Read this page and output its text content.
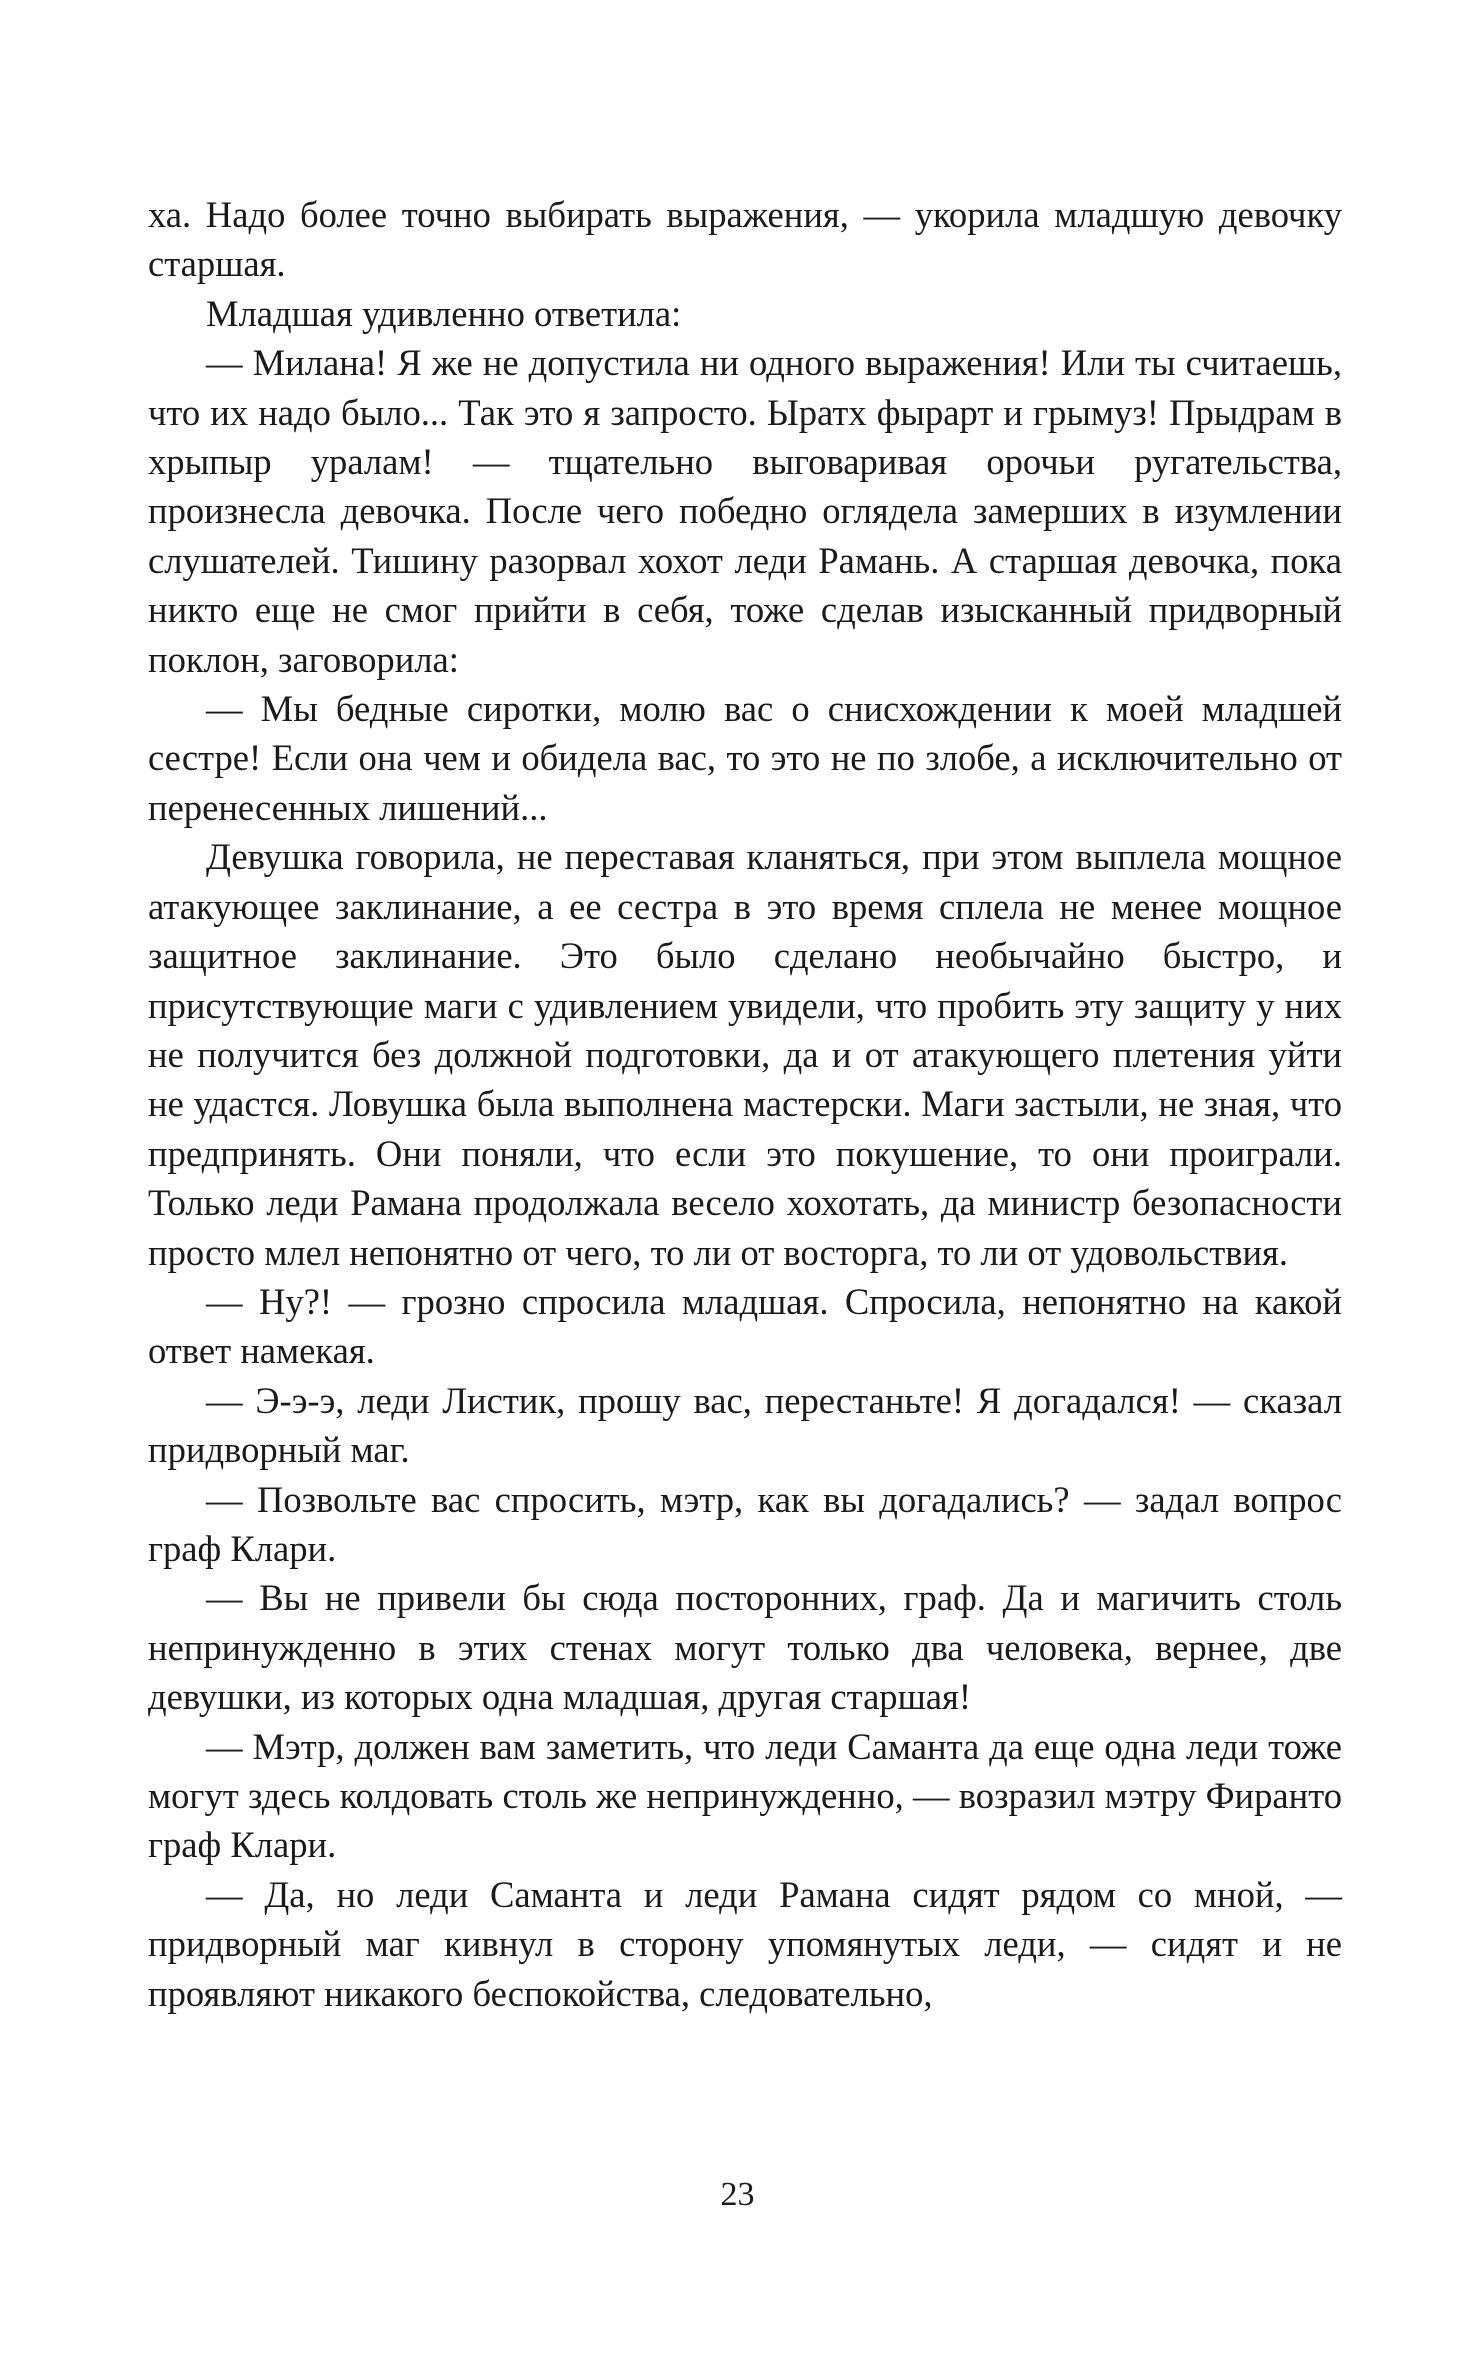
ха. Надо более точно выбирать выражения, — укорила младшую девочку старшая.

Младшая удивленно ответила:

— Милана! Я же не допустила ни одного выражения! Или ты считаешь, что их надо было... Так это я запросто. Ыратх фырарт и грымуз! Прыдрам в хрыпыр уралам! — тщательно выговаривая орочьи ругательства, произнесла девочка. После чего победно оглядела замерших в изумлении слушателей. Тишину разорвал хохот леди Рамань. А старшая девочка, пока никто еще не смог прийти в себя, тоже сделав изысканный придворный поклон, заговорила:

— Мы бедные сиротки, молю вас о снисхождении к моей младшей сестре! Если она чем и обидела вас, то это не по злобе, а исключительно от перенесенных лишений...

Девушка говорила, не переставая кланяться, при этом выплела мощное атакующее заклинание, а ее сестра в это время сплела не менее мощное защитное заклинание. Это было сделано необычайно быстро, и присутствующие маги с удивлением увидели, что пробить эту защиту у них не получится без должной подготовки, да и от атакующего плетения уйти не удастся. Ловушка была выполнена мастерски. Маги застыли, не зная, что предпринять. Они поняли, что если это покушение, то они проиграли. Только леди Рамана продолжала весело хохотать, да министр безопасности просто млел непонятно от чего, то ли от восторга, то ли от удовольствия.

— Ну?! — грозно спросила младшая. Спросила, непонятно на какой ответ намекая.

— Э-э-э, леди Листик, прошу вас, перестаньте! Я догадался! — сказал придворный маг.

— Позвольте вас спросить, мэтр, как вы догадались? — задал вопрос граф Клари.

— Вы не привели бы сюда посторонних, граф. Да и магичить столь непринужденно в этих стенах могут только два человека, вернее, две девушки, из которых одна младшая, другая старшая!

— Мэтр, должен вам заметить, что леди Саманта да еще одна леди тоже могут здесь колдовать столь же непринужденно, — возразил мэтру Фиранто граф Клари.

— Да, но леди Саманта и леди Рамана сидят рядом со мной, — придворный маг кивнул в сторону упомянутых леди, — сидят и не проявляют никакого беспокойства, следовательно,

23
